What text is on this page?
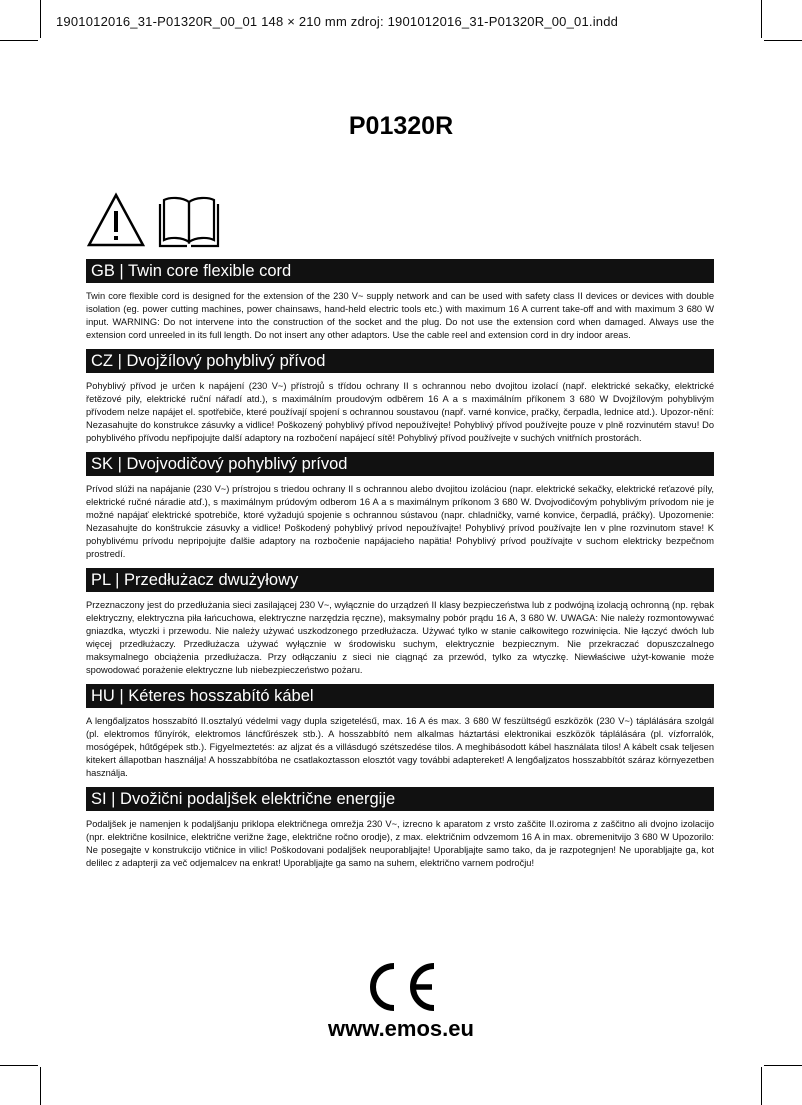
1901012016_31-P01320R_00_01 148 × 210 mm zdroj: 1901012016_31-P01320R_00_01.indd
P01320R
GB | Twin core flexible cord
Twin core flexible cord is designed for the extension of the 230 V~ supply network and can be used with safety class II devices or devices with double isolation (eg. power cutting machines, power chainsaws, hand-held electric tools etc.) with maximum 16 A current take-off and with maximum 3 680 W input. WARNING: Do not intervene into the construction of the socket and the plug. Do not use the extension cord when damaged. Always use the extension cord unreeled in its full length. Do not insert any other adaptors. Use the cable reel and extension cord in dry indoor areas.
CZ | Dvojžílový pohyblivý přívod
Pohyblivý přívod je určen k napájení (230 V~) přístrojů s třídou ochrany II s ochrannou nebo dvojitou izolací (např. elektrické sekačky, elektrické řetězové pily, elektrické ruční nářadí atd.), s maximálním proudovým odběrem 16 A a s maximálním příkonem 3 680 W Dvojžílovým pohyblivým přívodem nelze napájet el. spotřebiče, které používají spojení s ochrannou soustavou (např. varné konvice, pračky, čerpadla, lednice atd.). Upozor-nění: Nezasahujte do konstrukce zásuvky a vidlice! Poškozený pohyblivý přívod nepoužívejte! Pohyblivý přívod používejte pouze v plně rozvinutém stavu! Do pohyblivého přívodu nepřipojujte další adaptory na rozbočení napájecí sítě! Pohyblivý přívod používejte v suchých vnitřních prostorách.
SK | Dvojvodičový pohyblivý prívod
Prívod slúži na napájanie (230 V~) prístrojou s triedou ochrany II s ochrannou alebo dvojitou izoláciou (napr. elektrické sekačky, elektrické reťazové píly, elektrické ručné náradie atď.), s maximálnym prúdovým odberom 16 A a s maximálnym príkonom 3 680 W. Dvojvodičovým pohyblivým prívodom nie je možné napájať elektrické spotrebiče, ktoré vyžadujú spojenie s ochrannou sústavou (napr. chladničky, varné konvice, čerpadlá, práčky). Upozornenie: Nezasahujte do konštrukcie zásuvky a vidlice! Poškodený pohyblivý prívod nepoužívajte! Pohyblivý prívod používajte len v plne rozvinutom stave! K pohyblivému prívodu nepripojujte ďalšie adaptory na rozbočenie napájacieho napätia! Pohyblivý prívod používajte v suchom elektricky bezpečnom prostredí.
PL | Przedłużacz dwużyłowy
Przeznaczony jest do przedłużania sieci zasilającej 230 V~, wyłącznie do urządzeń II klasy bezpieczeństwa lub z podwójną izolacją ochronną (np. rębak elektryczny, elektryczna piła łańcuchowa, elektryczne narzędzia ręczne), maksymalny pobór prądu 16 A, 3 680 W. UWAGA: Nie należy rozmontowywać gniazdka, wtyczki i przewodu. Nie należy używać uszkodzonego przedłużacza. Używać tylko w stanie całkowitego rozwinięcia. Nie łączyć dwóch lub więcej przedłużaczy. Przedłużacza używać wyłącznie w środowisku suchym, elektrycznie bezpiecznym. Nie przekraczać dopuszczalnego maksymalnego obciążenia przedłużacza. Przy odłączaniu z sieci nie ciągnąć za przewód, tylko za wtyczkę. Niewłaściwe użyt-kowanie może spowodować porażenie elektryczne lub niebezpieczeństwo pożaru.
HU | Kéteres hosszabító kábel
A lengőaljzatos hosszabító II.osztalyú védelmi vagy dupla szigetelésű, max. 16 A és max. 3 680 W feszültségű eszközök (230 V~) táplálására szolgál (pl. elektromos fűnyírók, elektromos láncfűrészek stb.). A hosszabbító nem alkalmas háztartási elektronikai eszközök táplálására (pl. vízforralók, mosógépek, hűtőgépek stb.). Figyelmeztetés: az aljzat és a villásdugó szétszedése tilos. A meghibásodott kábel használata tilos! A kábelt csak teljesen kitekert állapotban használja! A hosszabbítóba ne csatlakoztasson elosztót vagy további adaptereket! A lengőaljzatos hosszabbítót száraz környezetben használja.
SI | Dvožični podaljšek električne energije
Podaljšek je namenjen k podaljšanju priklopa električnega omrežja 230 V~, izrecno k aparatom z vrsto zaščite II.oziroma z zaščitno ali dvojno izolacijo (npr. električne kosilnice, električne verižne žage, električne ročno orodje), z max. električnim odvzemom 16 A in max. obremenitvijo 3 680 W Upozorilo: Ne posegajte v konstrukcijo vtičnice in vilic! Poškodovani podaljšek neuporabljajte! Uporabljajte samo tako, da je razpotegnjen! Ne uporabljajte ga, kot delilec z adapterji za več odjemalcev na enkrat! Uporabljajte ga samo na suhem, električno varnem področju!
www.emos.eu
